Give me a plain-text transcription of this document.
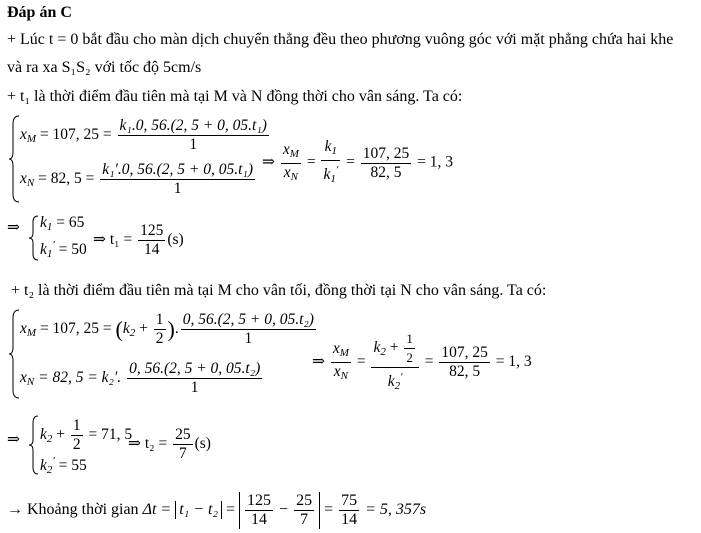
Đáp án C
+ Lúc t = 0 bắt đầu cho màn dịch chuyển thẳng đều theo phương vuông góc với mặt phẳng chứa hai khe
và ra xa S₁S₂ với tốc độ 5cm/s
+ t₁ là thời điểm đầu tiên mà tại M và N đồng thời cho vân sáng. Ta có:
$x_M = 107$, $25 = \frac{\text{k₁.0, 56.(2, 5 + 0, 05.t₁)}}{1}$
$x_N = 82$, $5 = \frac{\text{k₁′.0, 56.(2, 5 + 0, 05.t₁)}}{1}$ ⇒ $\frac{x_M}{x_N} = \frac{k_1}{k_1'} = \frac{107, 25}{82, 5} = 1$, 3
⇒ $k_1 = 65$
$k_1' = 50$
⇒ $t_1 = \frac{125}{14} (s)$
+ t₂ là thời điểm đầu tiên mà tại M cho vân tối, đồng thời tại N cho vân sáng. Ta có:
$x_M = 107$, $25 = (k_2 + \frac{1}{2}$ ). $\frac{\text{0, 56.(2, 5 + 0, 05.t₂)}}{1}$
$x_N = 82$, 5 = k₂′. $\frac{\text{0, 56.(2, 5 + 0, 05.t₂)}}{1}$	⇒ $\frac{x_M}{x_N} = \frac{k_2 + \frac{1}{2}}{k_2'} = \frac{107, 25}{82, 5} = 1$, 3
⇒ $k_2 + \frac{1}{2} = 71$, 5
$k_2' = 55$
⇒ $t_2 = \frac{25}{7} (s)$
→ Khoảng thời gian $\Delta t = t_1 - t_2 = \frac{125}{14} - \frac{25}{7} = \frac{75}{14} = 5$, 357s
